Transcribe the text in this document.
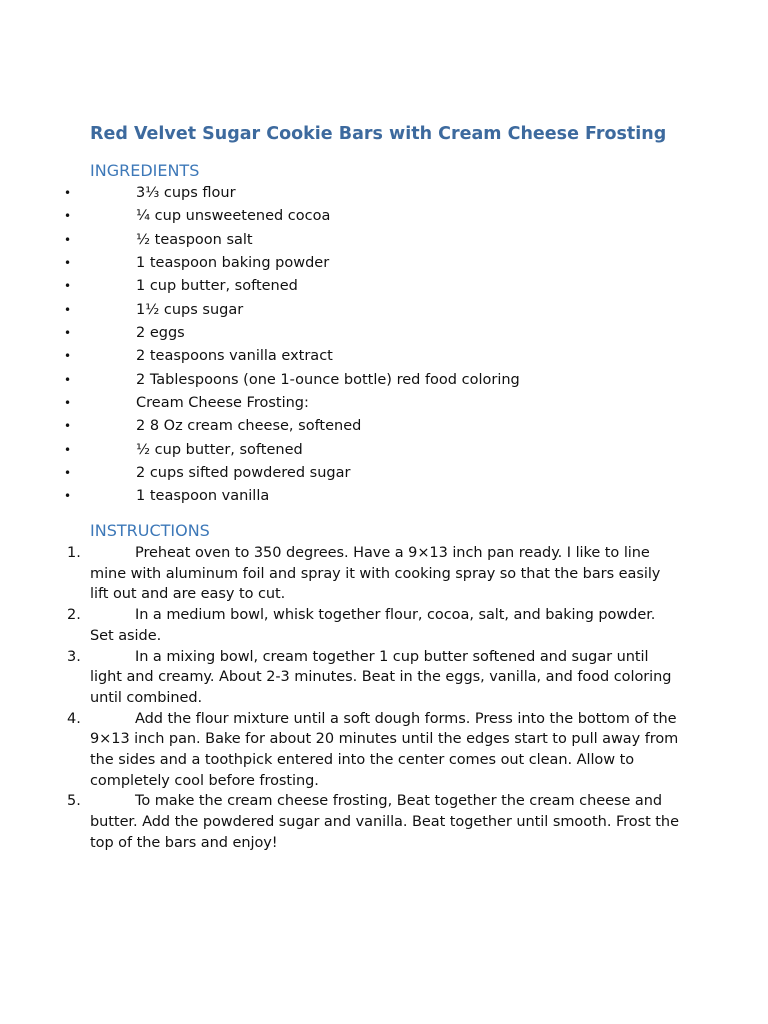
Red Velvet Sugar Cookie Bars with Cream Cheese Frosting
INGREDIENTS
•	3⅓ cups flour
•	¼ cup unsweetened cocoa
•	½ teaspoon salt
•	1 teaspoon baking powder
•	1 cup butter, softened
•	1½ cups sugar
•	2 eggs
•	2 teaspoons vanilla extract
•	2 Tablespoons (one 1-ounce bottle) red food coloring
•	Cream Cheese Frosting:
•	2 8 Oz cream cheese, softened
•	½ cup butter, softened
•	2 cups sifted powdered sugar
•	1 teaspoon vanilla
INSTRUCTIONS
1.	Preheat oven to 350 degrees. Have a 9×13 inch pan ready. I like to line mine with aluminum foil and spray it with cooking spray so that the bars easily lift out and are easy to cut.
2.	In a medium bowl, whisk together flour, cocoa, salt, and baking powder. Set aside.
3.	In a mixing bowl, cream together 1 cup butter softened and sugar until light and creamy. About 2-3 minutes. Beat in the eggs, vanilla, and food coloring until combined.
4.	Add the flour mixture until a soft dough forms. Press into the bottom of the 9×13 inch pan. Bake for about 20 minutes until the edges start to pull away from the sides and a toothpick entered into the center comes out clean. Allow to completely cool before frosting.
5.	To make the cream cheese frosting, Beat together the cream cheese and butter. Add the powdered sugar and vanilla. Beat together until smooth. Frost the top of the bars and enjoy!
